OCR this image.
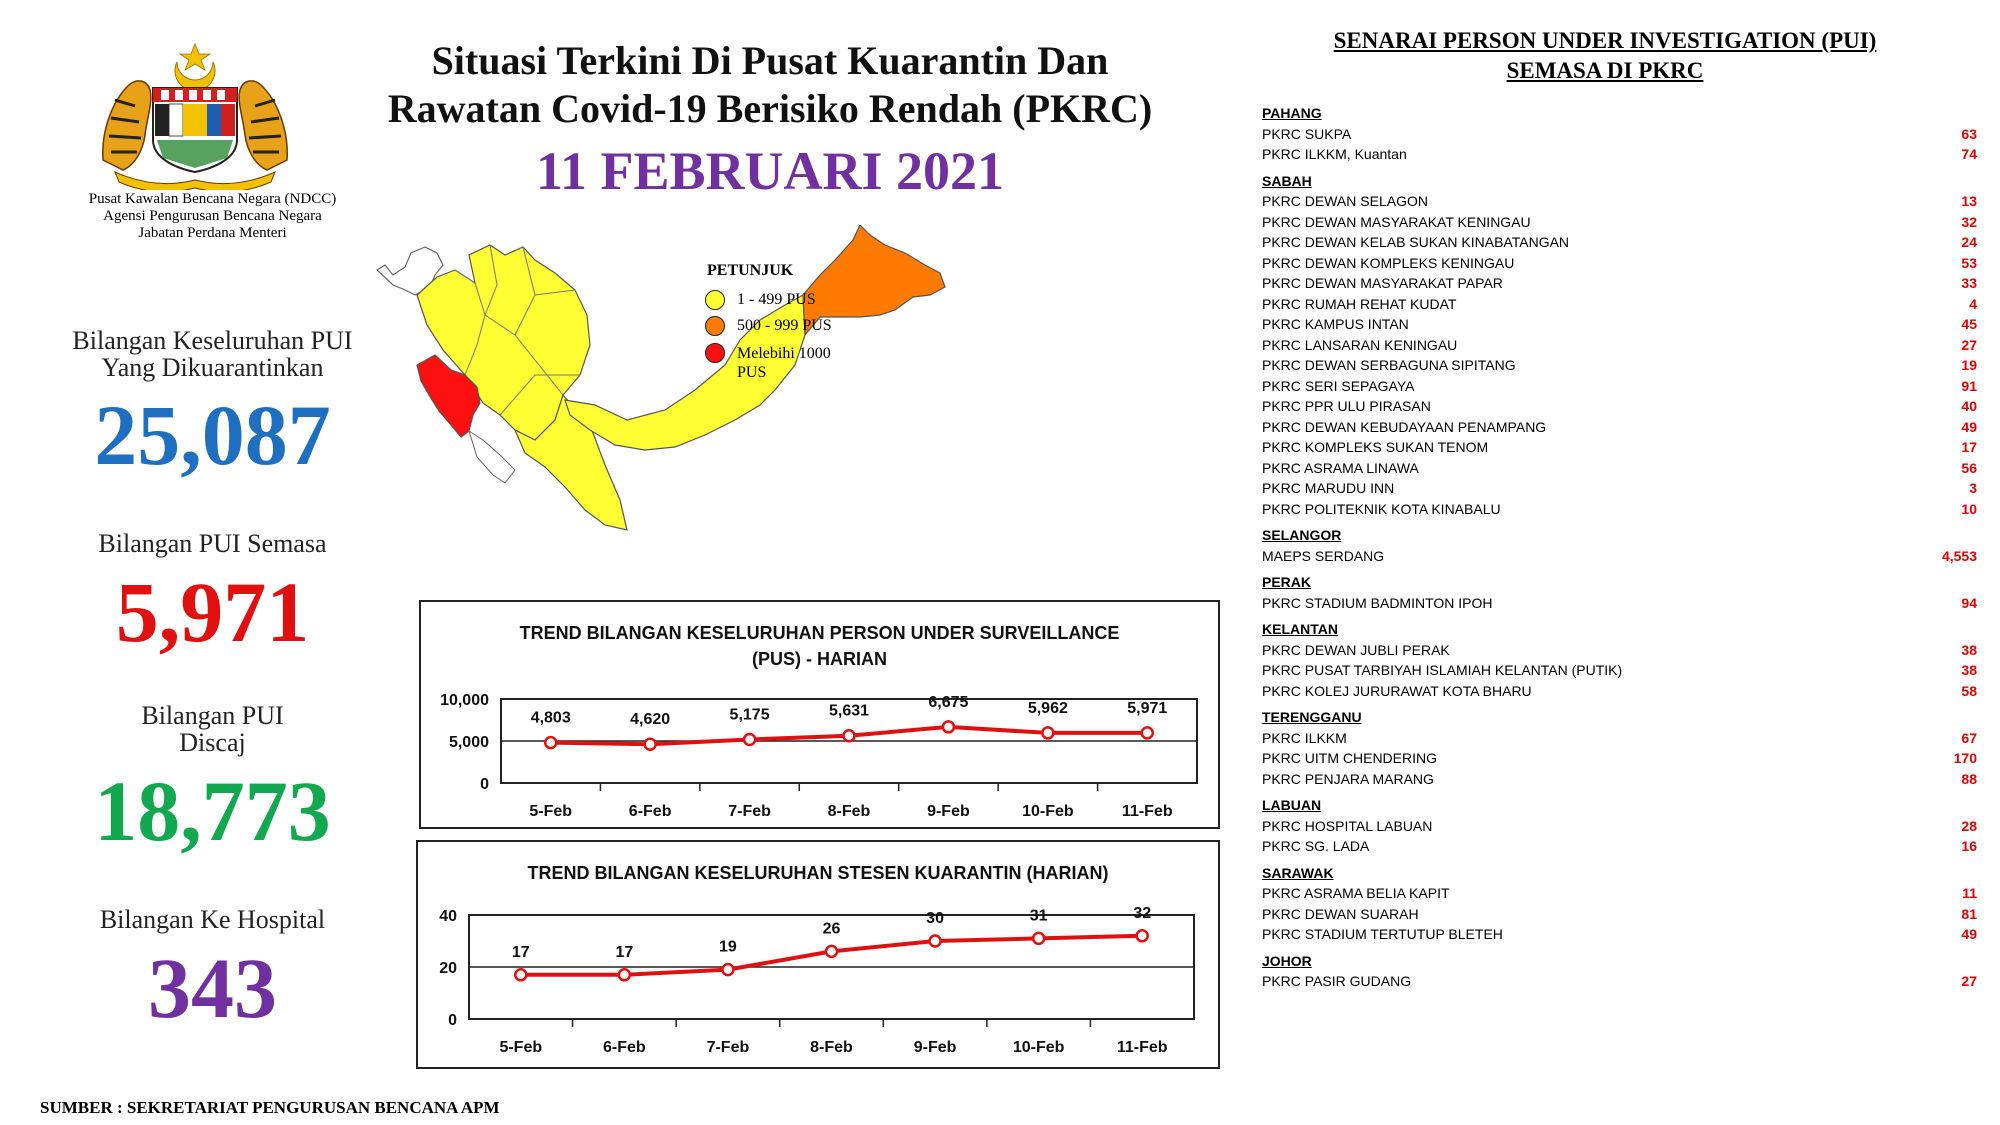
Pusat Kawalan Bencana Negara (NDCC)
Agensi Pengurusan Bencana Negara
Jabatan Perdana Menteri
Bilangan Keseluruhan PUI
Yang Dikuarantinkan
25,087
Bilangan PUI Semasa
5,971
Bilangan PUI
Discaj
18,773
Bilangan Ke Hospital
343
Situasi Terkini Di Pusat Kuarantin Dan
Rawatan Covid-19 Berisiko Rendah (PKRC)
11 FEBRUARI 2021
PETUNJUK
1 - 499 PUS
500 - 999 PUS
Melebihi 1000
PUS
TREND BILANGAN KESELURUHAN PERSON UNDER SURVEILLANCE
(PUS) - HARIAN
0
5,000
10,000
5-Feb	6-Feb	7-Feb	8-Feb	9-Feb	10-Feb	11-Feb
4,803	4,620	5,175	5,631
6,675	5,962	5,971
TREND BILANGAN KESELURUHAN STESEN KUARANTIN (HARIAN)
0
20
40
5-Feb	6-Feb	7-Feb	8-Feb	9-Feb	10-Feb	11-Feb
17	17	19
26
30	31	32
SENARAI PERSON UNDER INVESTIGATION (PUI)
SEMASA DI PKRC
PAHANG
PKRC SUKPA	63
PKRC ILKKM, Kuantan	74
SABAH
PKRC DEWAN SELAGON	13
PKRC DEWAN MASYARAKAT KENINGAU	32
PKRC DEWAN KELAB SUKAN KINABATANGAN	24
PKRC DEWAN KOMPLEKS KENINGAU	53
PKRC DEWAN MASYARAKAT PAPAR	33
PKRC RUMAH REHAT KUDAT	4
PKRC KAMPUS INTAN	45
PKRC LANSARAN KENINGAU	27
PKRC DEWAN SERBAGUNA SIPITANG	19
PKRC SERI SEPAGAYA	91
PKRC PPR ULU PIRASAN	40
PKRC DEWAN KEBUDAYAAN PENAMPANG	49
PKRC KOMPLEKS SUKAN TENOM	17
PKRC ASRAMA LINAWA	56
PKRC MARUDU INN	3
PKRC POLITEKNIK KOTA KINABALU	10
SELANGOR
MAEPS SERDANG	4,553
PERAK
PKRC STADIUM BADMINTON IPOH	94
KELANTAN
PKRC DEWAN JUBLI PERAK	38
PKRC PUSAT TARBIYAH ISLAMIAH KELANTAN (PUTIK)	38
PKRC KOLEJ JURURAWAT KOTA BHARU	58
TERENGGANU
PKRC ILKKM	67
PKRC UITM CHENDERING	170
PKRC PENJARA MARANG	88
LABUAN
PKRC HOSPITAL LABUAN	28
PKRC SG. LADA	16
SARAWAK
PKRC ASRAMA BELIA KAPIT	11
PKRC DEWAN SUARAH	81
PKRC STADIUM TERTUTUP BLETEH	49
JOHOR
PKRC PASIR GUDANG	27
SUMBER : SEKRETARIAT PENGURUSAN BENCANA APM
